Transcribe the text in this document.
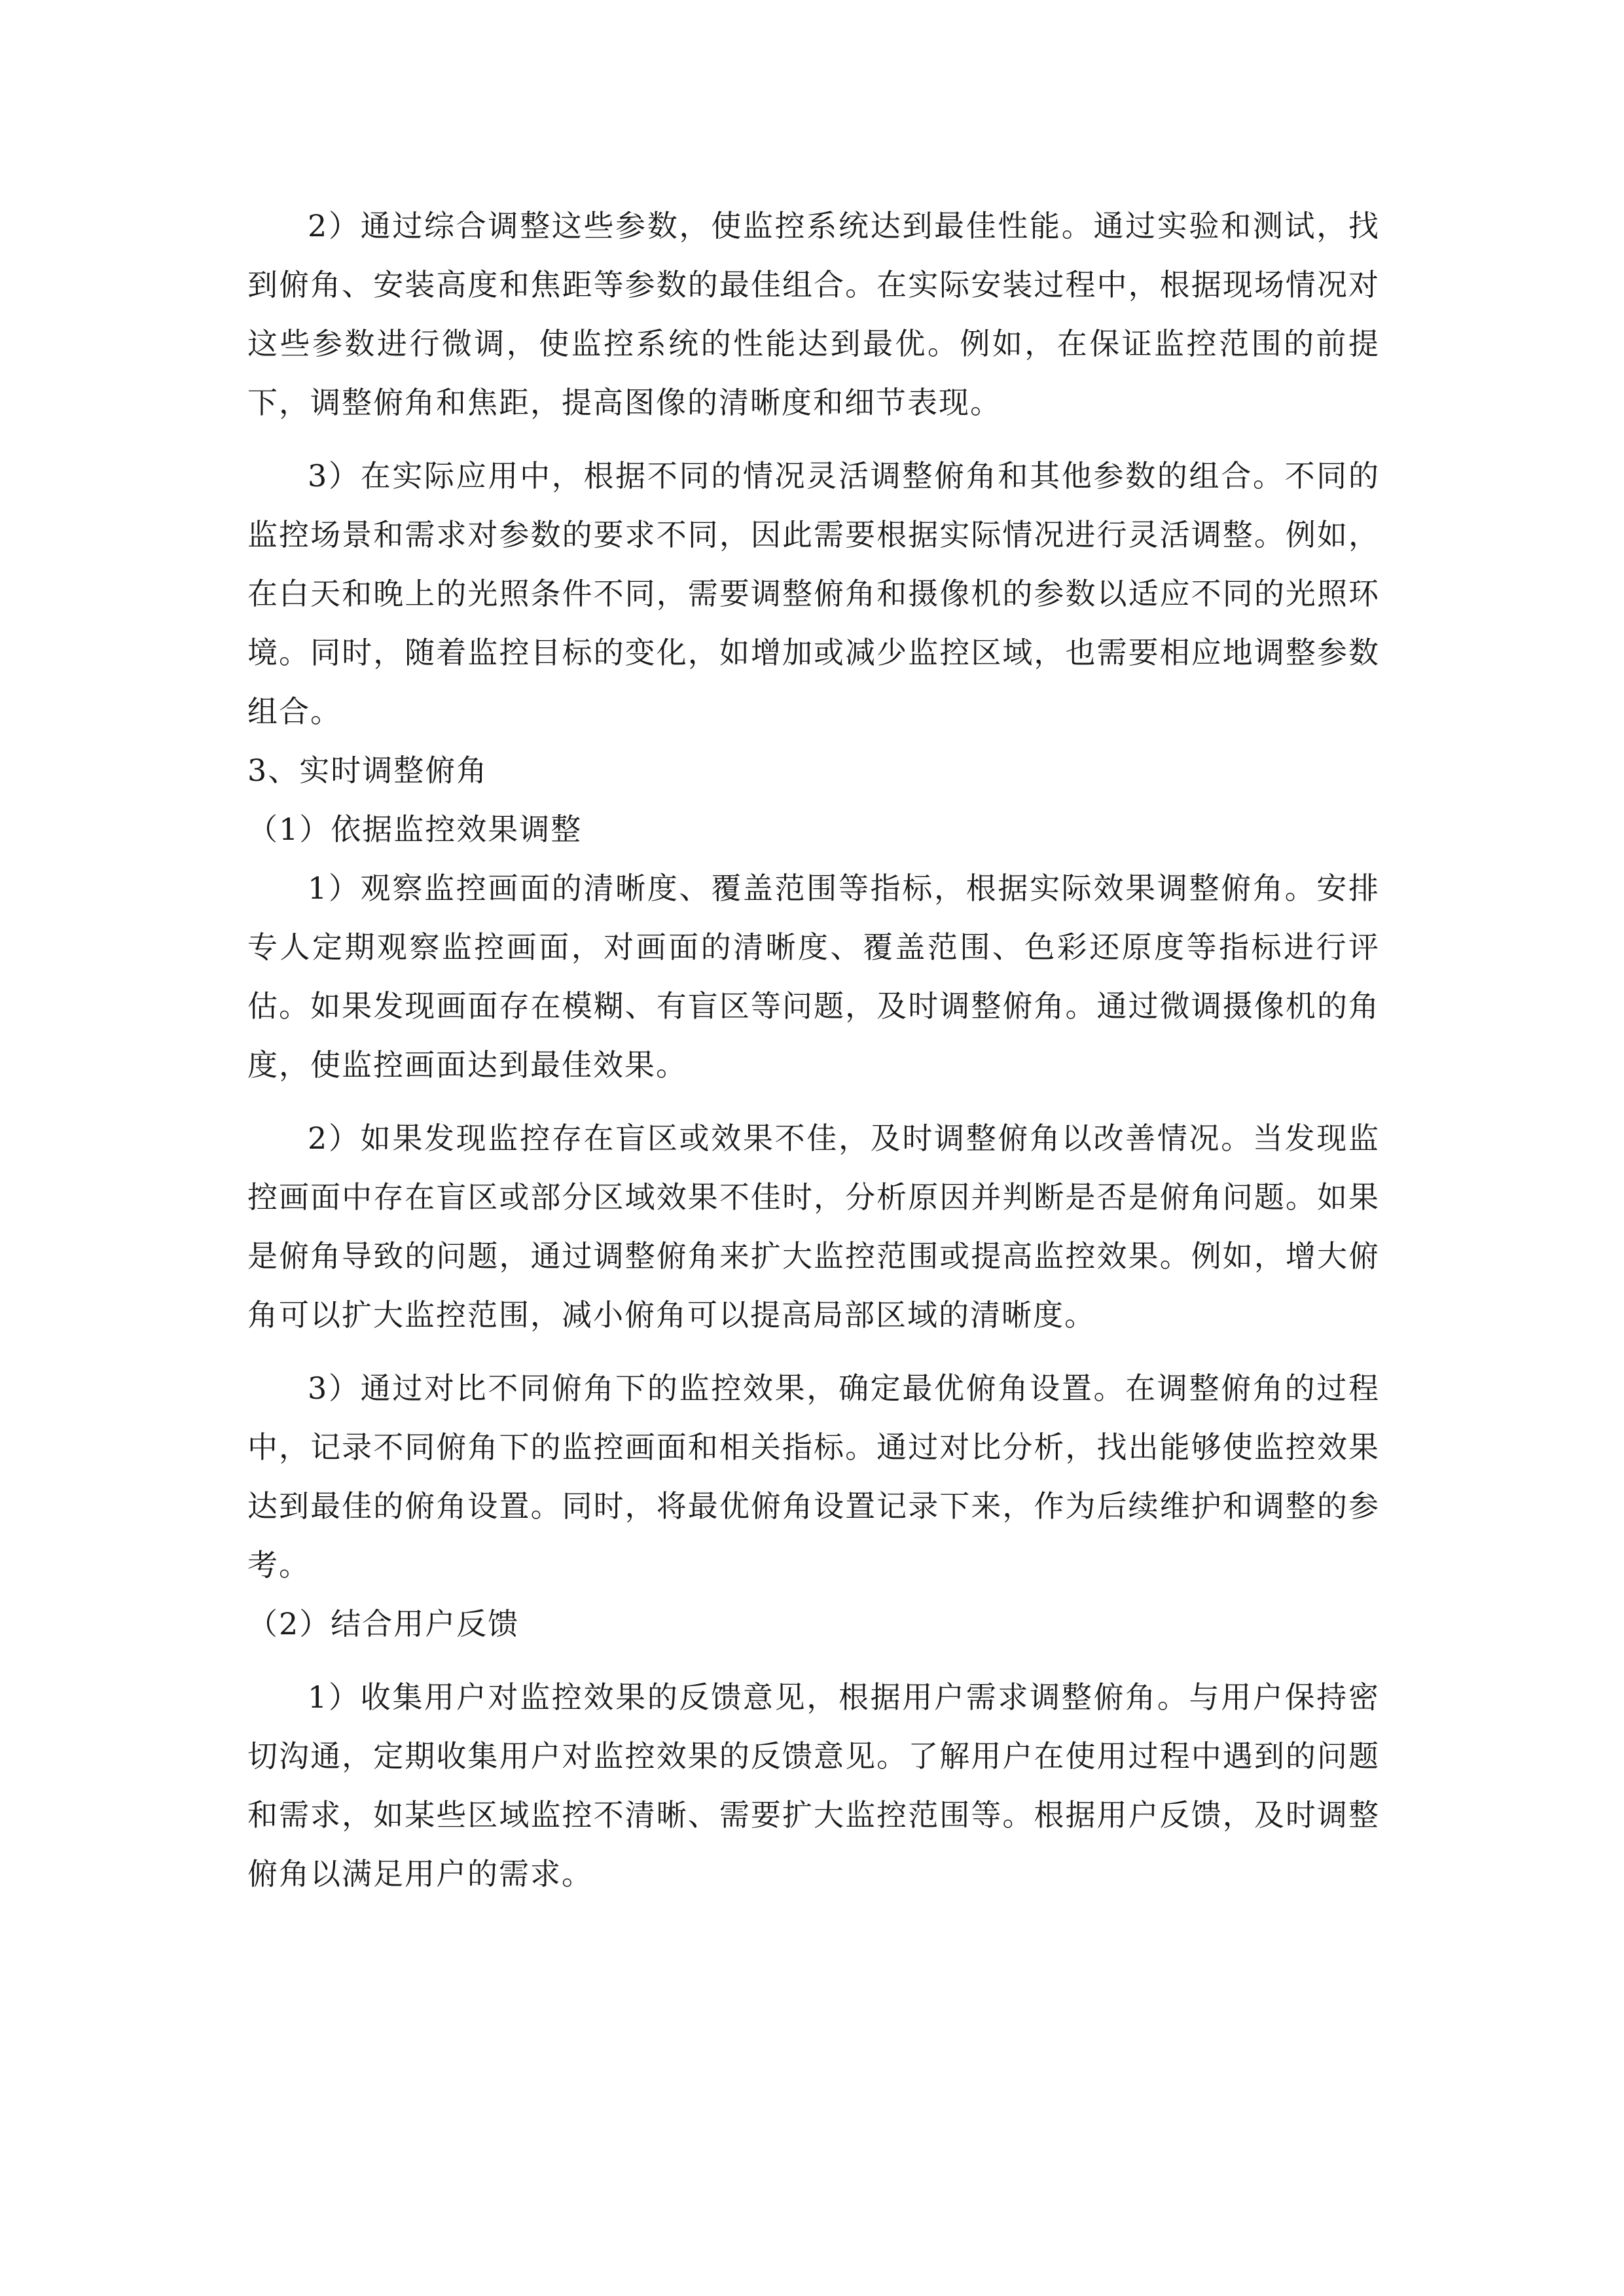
2）通过综合调整这些参数，使监控系统达到最佳性能。通过实验和测试，找到俯角、安装高度和焦距等参数的最佳组合。在实际安装过程中，根据现场情况对这些参数进行微调，使监控系统的性能达到最优。例如，在保证监控范围的前提下，调整俯角和焦距，提高图像的清晰度和细节表现。

3）在实际应用中，根据不同的情况灵活调整俯角和其他参数的组合。不同的监控场景和需求对参数的要求不同，因此需要根据实际情况进行灵活调整。例如，在白天和晚上的光照条件不同，需要调整俯角和摄像机的参数以适应不同的光照环境。同时，随着监控目标的变化，如增加或减少监控区域，也需要相应地调整参数组合。

3、实时调整俯角

（1）依据监控效果调整

1）观察监控画面的清晰度、覆盖范围等指标，根据实际效果调整俯角。安排专人定期观察监控画面，对画面的清晰度、覆盖范围、色彩还原度等指标进行评估。如果发现画面存在模糊、有盲区等问题，及时调整俯角。通过微调摄像机的角度，使监控画面达到最佳效果。

2）如果发现监控存在盲区或效果不佳，及时调整俯角以改善情况。当发现监控画面中存在盲区或部分区域效果不佳时，分析原因并判断是否是俯角问题。如果是俯角导致的问题，通过调整俯角来扩大监控范围或提高监控效果。例如，增大俯角可以扩大监控范围，减小俯角可以提高局部区域的清晰度。

3）通过对比不同俯角下的监控效果，确定最优俯角设置。在调整俯角的过程中，记录不同俯角下的监控画面和相关指标。通过对比分析，找出能够使监控效果达到最佳的俯角设置。同时，将最优俯角设置记录下来，作为后续维护和调整的参考。

（2）结合用户反馈

1）收集用户对监控效果的反馈意见，根据用户需求调整俯角。与用户保持密切沟通，定期收集用户对监控效果的反馈意见。了解用户在使用过程中遇到的问题和需求，如某些区域监控不清晰、需要扩大监控范围等。根据用户反馈，及时调整俯角以满足用户的需求。
